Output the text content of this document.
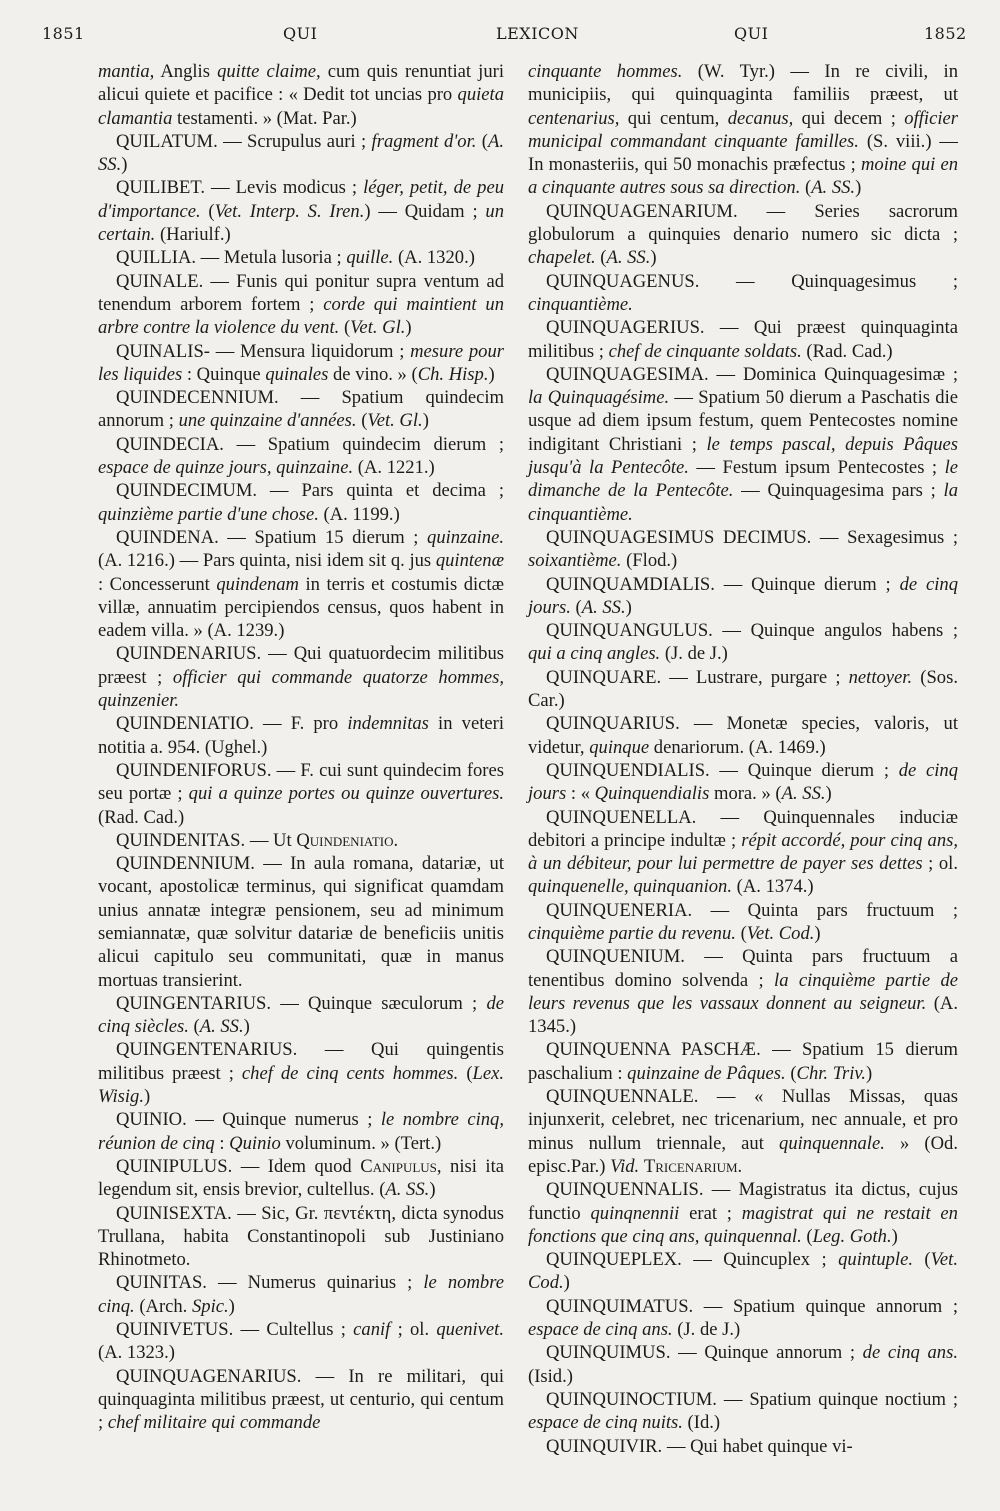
1851	QUI	LEXICON	QUI	1852

mantia, Anglis quitte claime, cum quis renuntiat juri alicui quiete et pacifice : « Dedit tot uncias pro quieta clamantia testamenti. » (Mat. Par.)

QUILATUM. — Scrupulus auri ; fragment d'or. (A. SS.)

QUILIBET. — Levis modicus ; léger, petit, de peu d'importance. (Vet. Interp. S. Iren.) — Quidam ; un certain. (Hariulf.)

QUILLIA. — Metula lusoria ; quille. (A. 1320.)

QUINALE. — Funis qui ponitur supra ventum ad tenendum arborem fortem ; corde qui maintient un arbre contre la violence du vent. (Vet. Gl.)

QUINALIS- — Mensura liquidorum ; mesure pour les liquides : Quinque quinales de vino. » (Ch. Hisp.)

QUINDECENNIUM. — Spatium quindecim annorum ; une quinzaine d'années. (Vet. Gl.)

QUINDECIA. — Spatium quindecim dierum ; espace de quinze jours, quinzaine. (A. 1221.)

QUINDECIMUM. — Pars quinta et decima ; quinzième partie d'une chose. (A. 1199.)

QUINDENA. — Spatium 15 dierum ; quinzaine. (A. 1216.) — Pars quinta, nisi idem sit q. jus quintenæ : Concesserunt quindenam in terris et costumis dictæ villæ, annuatim percipiendos census, quos habent in eadem villa. » (A. 1239.)

QUINDENARIUS. — Qui quatuordecim militibus præest ; officier qui commande quatorze hommes, quinzenier.

QUINDENIATIO. — F. pro indemnitas in veteri notitia a. 954. (Ughel.)

QUINDENIFORUS. — F. cui sunt quindecim fores seu portæ ; qui a quinze portes ou quinze ouvertures. (Rad. Cad.)

QUINDENITAS. — Ut Quindeniatio.

QUINDENNIUM. — In aula romana, datariæ, ut vocant, apostolicæ terminus, qui significat quamdam unius annatæ integræ pensionem, seu ad minimum semiannatæ, quæ solvitur datariæ de beneficiis unitis alicui capitulo seu communitati, quæ in manus mortuas transierint.

QUINGENTARIUS. — Quinque sæculorum ; de cinq siècles. (A. SS.)

QUINGENTENARIUS. — Qui quingentis militibus præest ; chef de cinq cents hommes. (Lex. Wisig.)

QUINIO. — Quinque numerus ; le nombre cinq, réunion de cinq : Quinio voluminum. » (Tert.)

QUINIPULUS. — Idem quod Canipulus, nisi ita legendum sit, ensis brevior, cultellus. (A. SS.)

QUINISEXTA. — Sic, Gr. πεντέκτη, dicta synodus Trullana, habita Constantinopoli sub Justiniano Rhinotmeto.

QUINITAS. — Numerus quinarius ; le nombre cinq. (Arch. Spic.)

QUINIVETUS. — Cultellus ; canif ; ol. quenivet. (A. 1323.)

QUINQUAGENARIUS. — In re militari, qui quinquaginta militibus præest, ut centurio, qui centum ; chef militaire qui commande

cinquante hommes. (W. Tyr.) — In re civili, in municipiis, qui quinquaginta familiis præest, ut centenarius, qui centum, decanus, qui decem ; officier municipal commandant cinquante familles. (S. viii.) — In monasteriis, qui 50 monachis præfectus ; moine qui en a cinquante autres sous sa direction. (A. SS.)

QUINQUAGENARIUM. — Series sacrorum globulorum a quinquies denario numero sic dicta ; chapelet. (A. SS.)

QUINQUAGENUS. — Quinquagesimus ; cinquantième.

QUINQUAGERIUS. — Qui præest quinquaginta militibus ; chef de cinquante soldats. (Rad. Cad.)

QUINQUAGESIMA. — Dominica Quinquagesimæ ; la Quinquagésime. — Spatium 50 dierum a Paschatis die usque ad diem ipsum festum, quem Pentecostes nomine indigitant Christiani ; le temps pascal, depuis Pâques jusqu'à la Pentecôte. — Festum ipsum Pentecostes ; le dimanche de la Pentecôte. — Quinquagesima pars ; la cinquantième.

QUINQUAGESIMUS DECIMUS. — Sexagesimus ; soixantième. (Flod.)

QUINQUAMDIALIS. — Quinque dierum ; de cinq jours. (A. SS.)

QUINQUANGULUS. — Quinque angulos habens ; qui a cinq angles. (J. de J.)

QUINQUARE. — Lustrare, purgare ; nettoyer. (Sos. Car.)

QUINQUARIUS. — Monetæ species, valoris, ut videtur, quinque denariorum. (A. 1469.)

QUINQUENDIALIS. — Quinque dierum ; de cinq jours : « Quinquendialis mora. » (A. SS.)

QUINQUENELLA. — Quinquennales induciæ debitori a principe indultæ ; répit accordé, pour cinq ans, à un débiteur, pour lui permettre de payer ses dettes ; ol. quinquenelle, quinquanion. (A. 1374.)

QUINQUENERIA. — Quinta pars fructuum ; cinquième partie du revenu. (Vet. Cod.)

QUINQUENIUM. — Quinta pars fructuum a tenentibus domino solvenda ; la cinquième partie de leurs revenus que les vassaux donnent au seigneur. (A. 1345.)

QUINQUENNA PASCHÆ. — Spatium 15 dierum paschalium : quinzaine de Pâques. (Chr. Triv.)

QUINQUENNALE. — « Nullas Missas, quas injunxerit, celebret, nec tricenarium, nec annuale, et pro minus nullum triennale, aut quinquennale. » (Od. episc.Par.) Vid. Tricenarium.

QUINQUENNALIS. — Magistratus ita dictus, cujus functio quinqnennii erat ; magistrat qui ne restait en fonctions que cinq ans, quinquennal. (Leg. Goth.)

QUINQUEPLEX. — Quincuplex ; quintuple. (Vet. Cod.)

QUINQUIMATUS. — Spatium quinque annorum ; espace de cinq ans. (J. de J.)

QUINQUIMUS. — Quinque annorum ; de cinq ans. (Isid.)

QUINQUINOCTIUM. — Spatium quinque noctium ; espace de cinq nuits. (Id.)

QUINQUIVIR. — Qui habet quinque vi-
